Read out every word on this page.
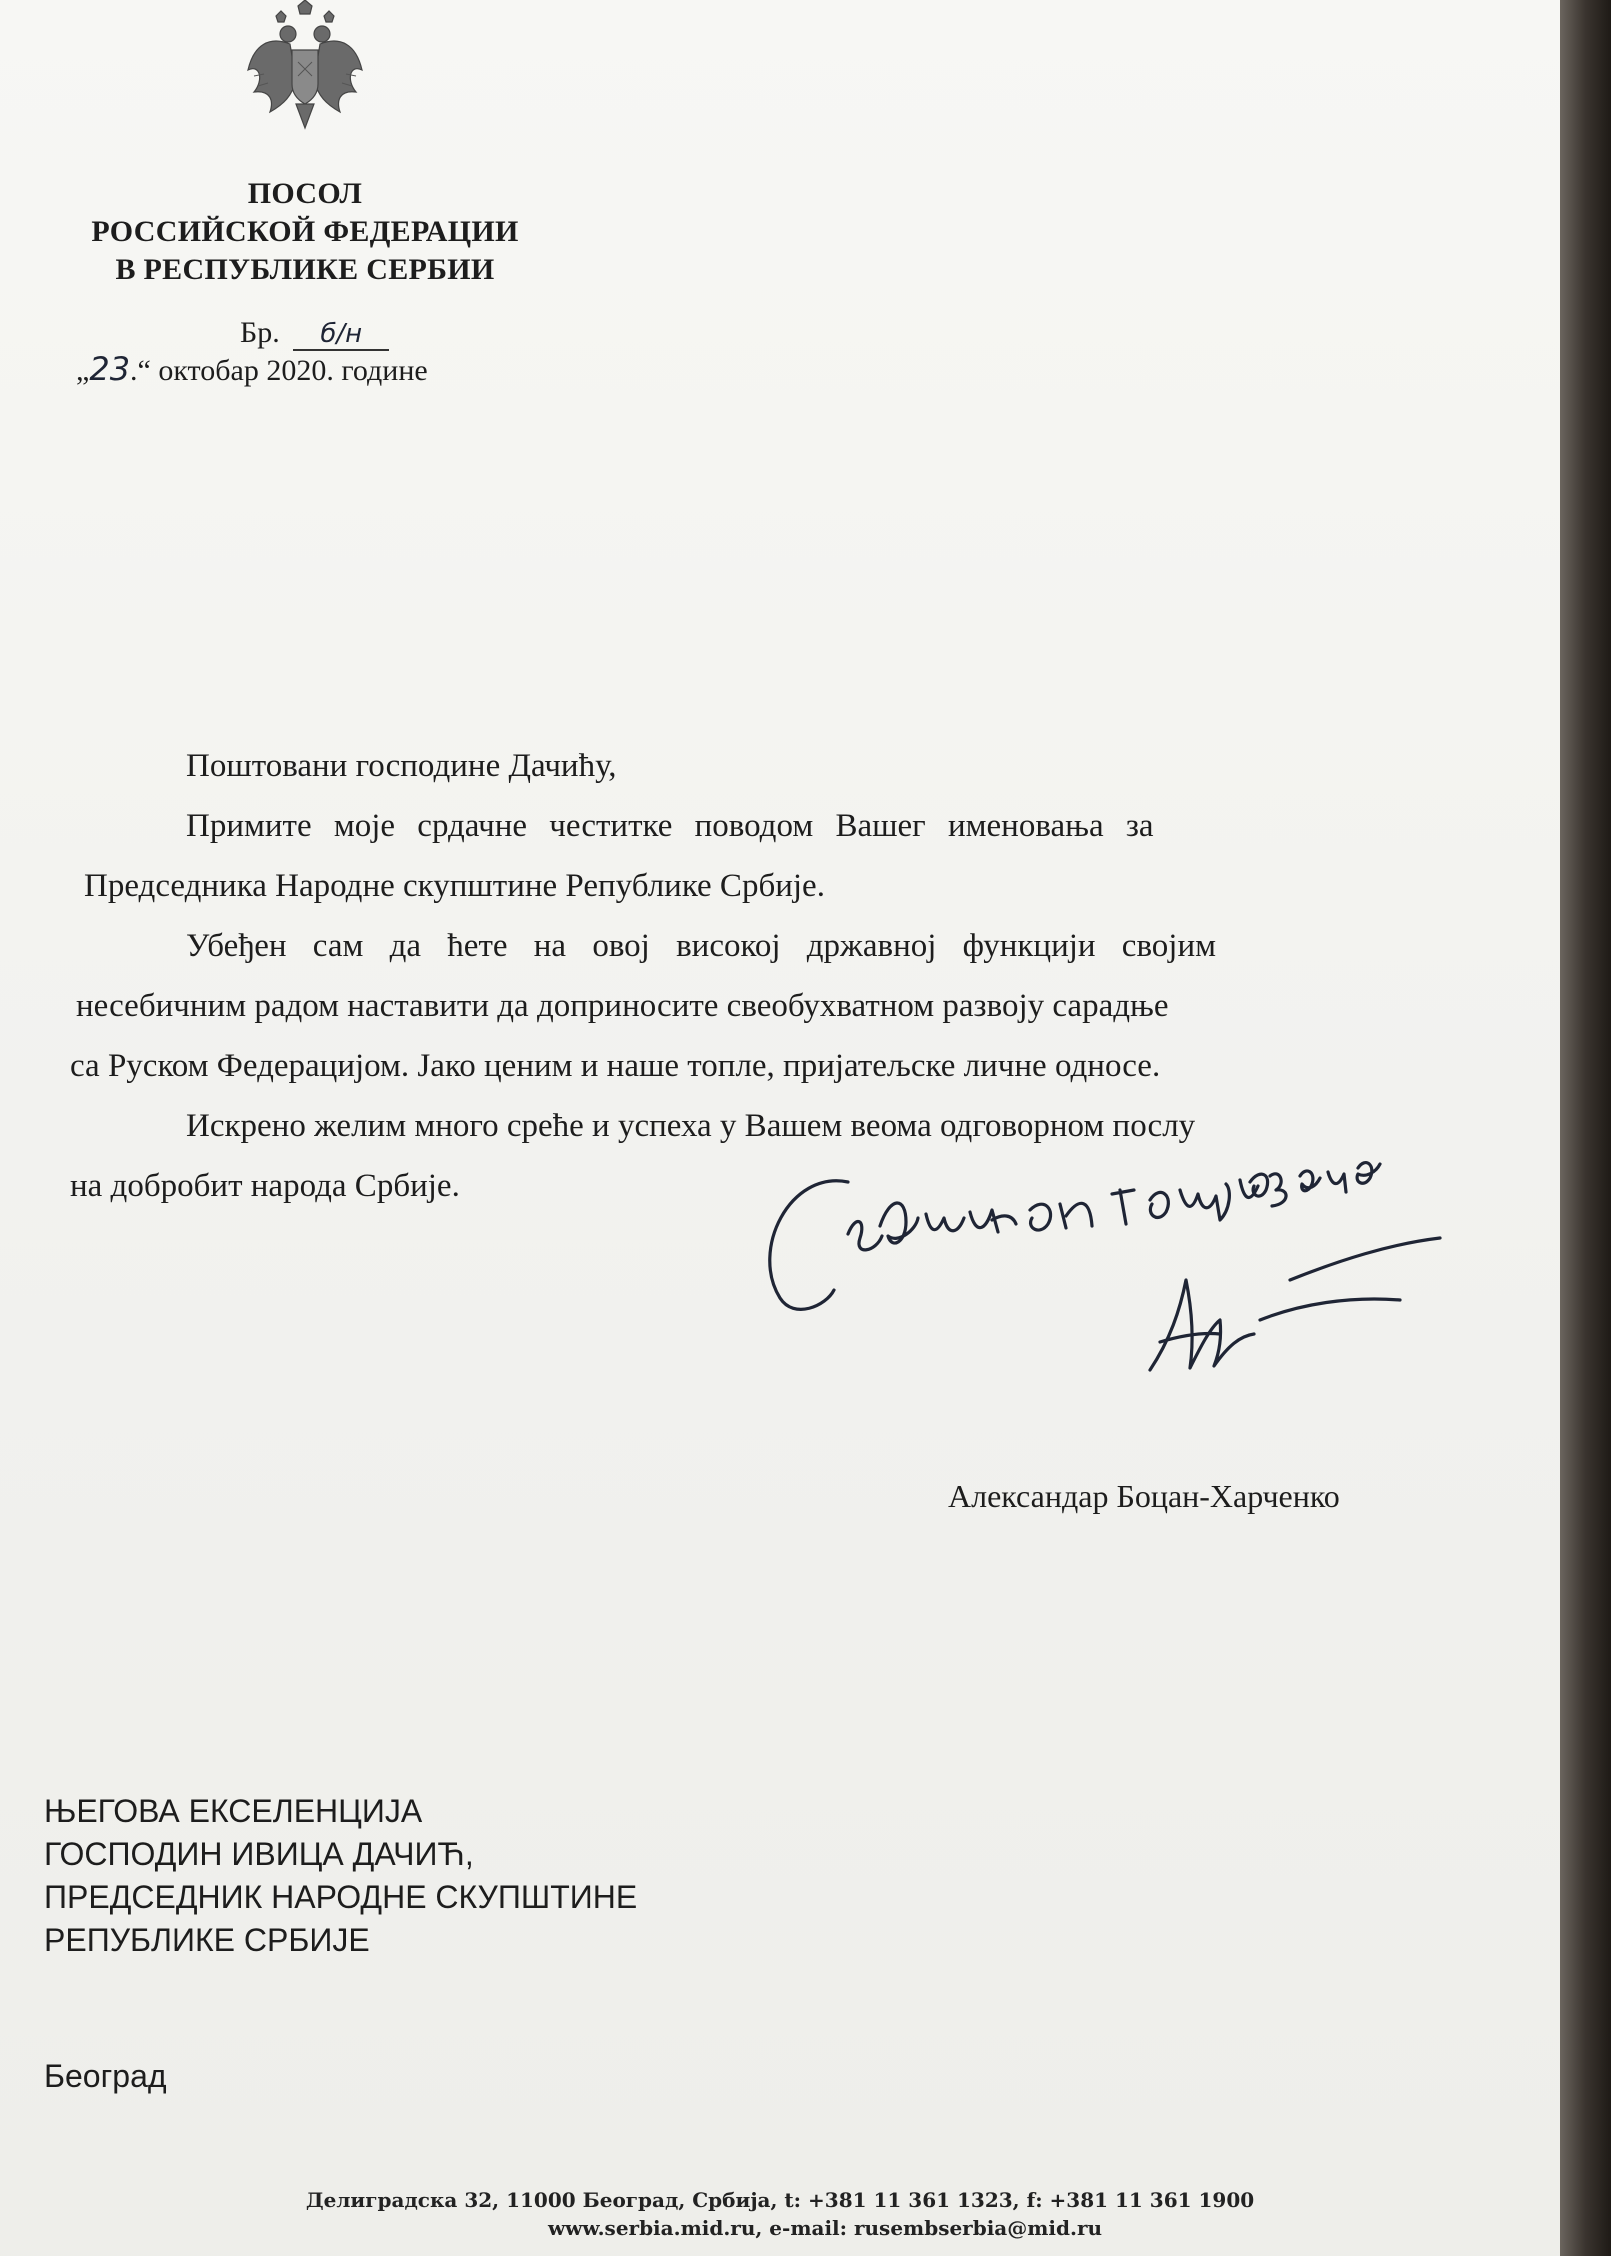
ПОСОЛ
РОССИЙСКОЙ ФЕДЕРАЦИИ
В РЕСПУБЛИКЕ СЕРБИИ
Бр. б/н
„23.“ октобар 2020. године

Поштовани господине Дачићу,

Примите моје срдачне честитке поводом Вашег именовања за

Председника Народне скупштине Републике Србије.

Убеђен сам да ћете на овој високој државној функцији својим

несебичним радом наставити да доприносите свеобухватном развоју сарадње

са Руском Федерацијом. Јако ценим и наше топле, пријатељске личне односе.

Искрено желим много среће и успеха у Вашем веома одговорном послу

на добробит народа Србије.

Александар Боцан-Харченко
ЊЕГОВА ЕКСЕЛЕНЦИЈА
ГОСПОДИН ИВИЦА ДАЧИЋ,
ПРЕДСЕДНИК НАРОДНЕ СКУПШТИНЕ
РЕПУБЛИКЕ СРБИЈЕ
Београд
Делиградска 32, 11000 Београд, Србија, t: +381 11 361 1323, f: +381 11 361 1900
www.serbia.mid.ru, e-mail: rusembserbia@mid.ru
